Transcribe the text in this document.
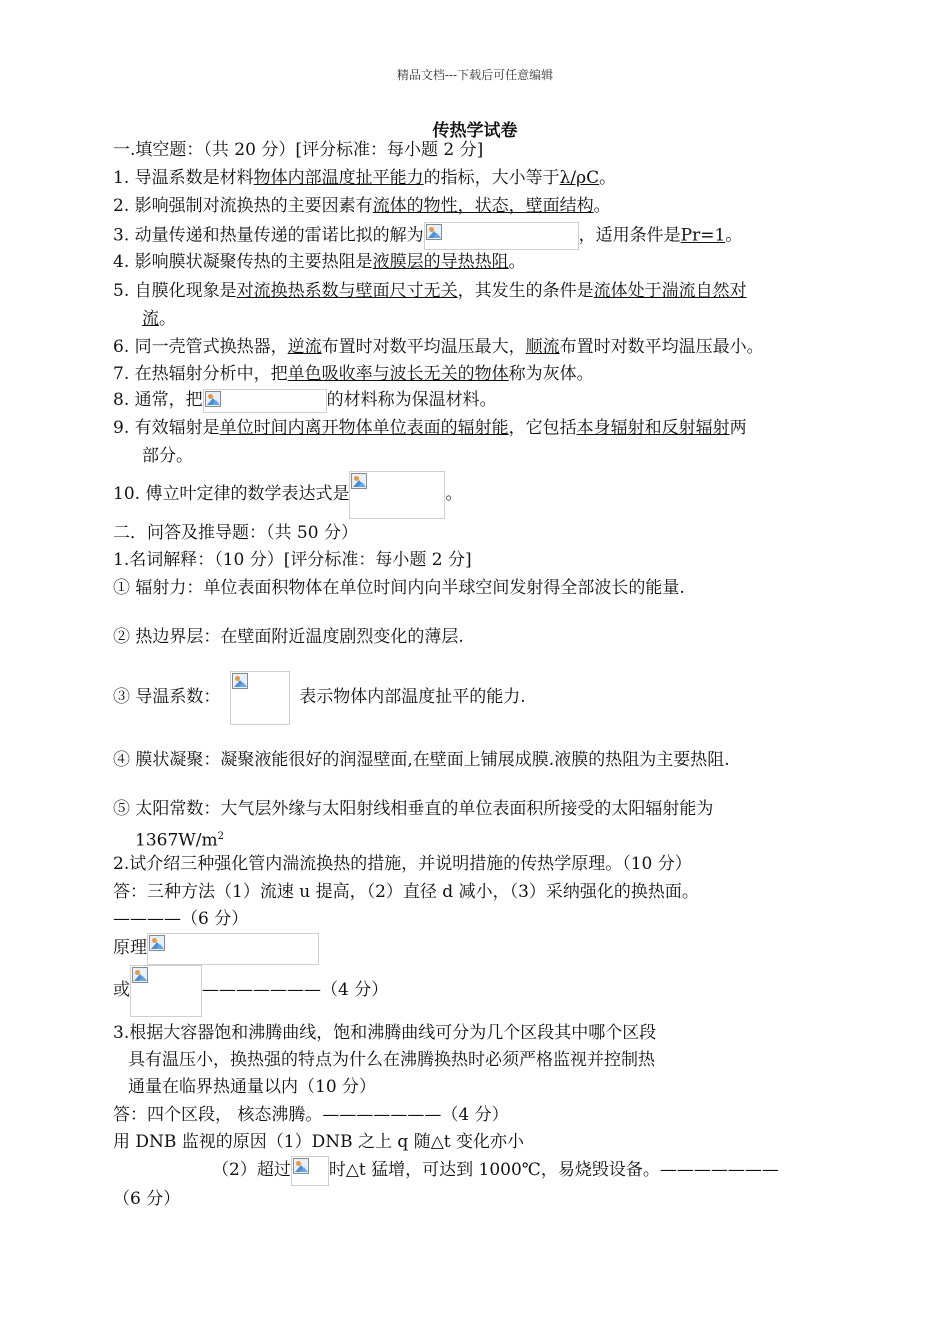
精品文档---下载后可任意编辑
传热学试卷
一.填空题：（共 20 分）[评分标准：每小题 2 分]
1. 导温系数是材料物体内部温度扯平能力的指标，大小等于λ/ρC。
2. 影响强制对流换热的主要因素有流体的物性，状态，壁面结构。
3. 动量传递和热量传递的雷诺比拟的解为	，适用条件是Pr=1。
4. 影响膜状凝聚传热的主要热阻是液膜层的导热热阻。
5. 自膜化现象是对流换热系数与壁面尺寸无关，其发生的条件是流体处于湍流自然对
流。
6. 同一壳管式换热器，逆流布置时对数平均温压最大，顺流布置时对数平均温压最小。
7. 在热辐射分析中，把单色吸收率与波长无关的物体称为灰体。
8. 通常，把	的材料称为保温材料。
9. 有效辐射是单位时间内离开物体单位表面的辐射能，它包括本身辐射和反射辐射两
部分。
10. 傅立叶定律的数学表达式是	。
二．问答及推导题：（共 50 分）
1.名词解释：（10 分）[评分标准：每小题 2 分]
① 辐射力：单位表面积物体在单位时间内向半球空间发射得全部波长的能量.
② 热边界层：在壁面附近温度剧烈变化的薄层.
③ 导温系数：	表示物体内部温度扯平的能力.
④ 膜状凝聚：凝聚液能很好的润湿壁面,在壁面上铺展成膜.液膜的热阻为主要热阻.
⑤ 太阳常数：大气层外缘与太阳射线相垂直的单位表面积所接受的太阳辐射能为
$1367W/m^2$
2.试介绍三种强化管内湍流换热的措施，并说明措施的传热学原理。（10 分）
答：三种方法（1）流速 u 提高，（2）直径 d 减小，（3）采纳强化的换热面。
————（6 分）
原理
或	———————（4 分）
3.根据大容器饱和沸腾曲线，饱和沸腾曲线可分为几个区段其中哪个区段
具有温压小，换热强的特点为什么在沸腾换热时必须严格监视并控制热
通量在临界热通量以内（10 分）
答：四个区段， 核态沸腾。———————（4 分）
用 DNB 监视的原因（1）DNB 之上 q 随△t 变化亦小
（2）超过 时△t 猛增，可达到 1000℃，易烧毁设备。———————
（6 分）
